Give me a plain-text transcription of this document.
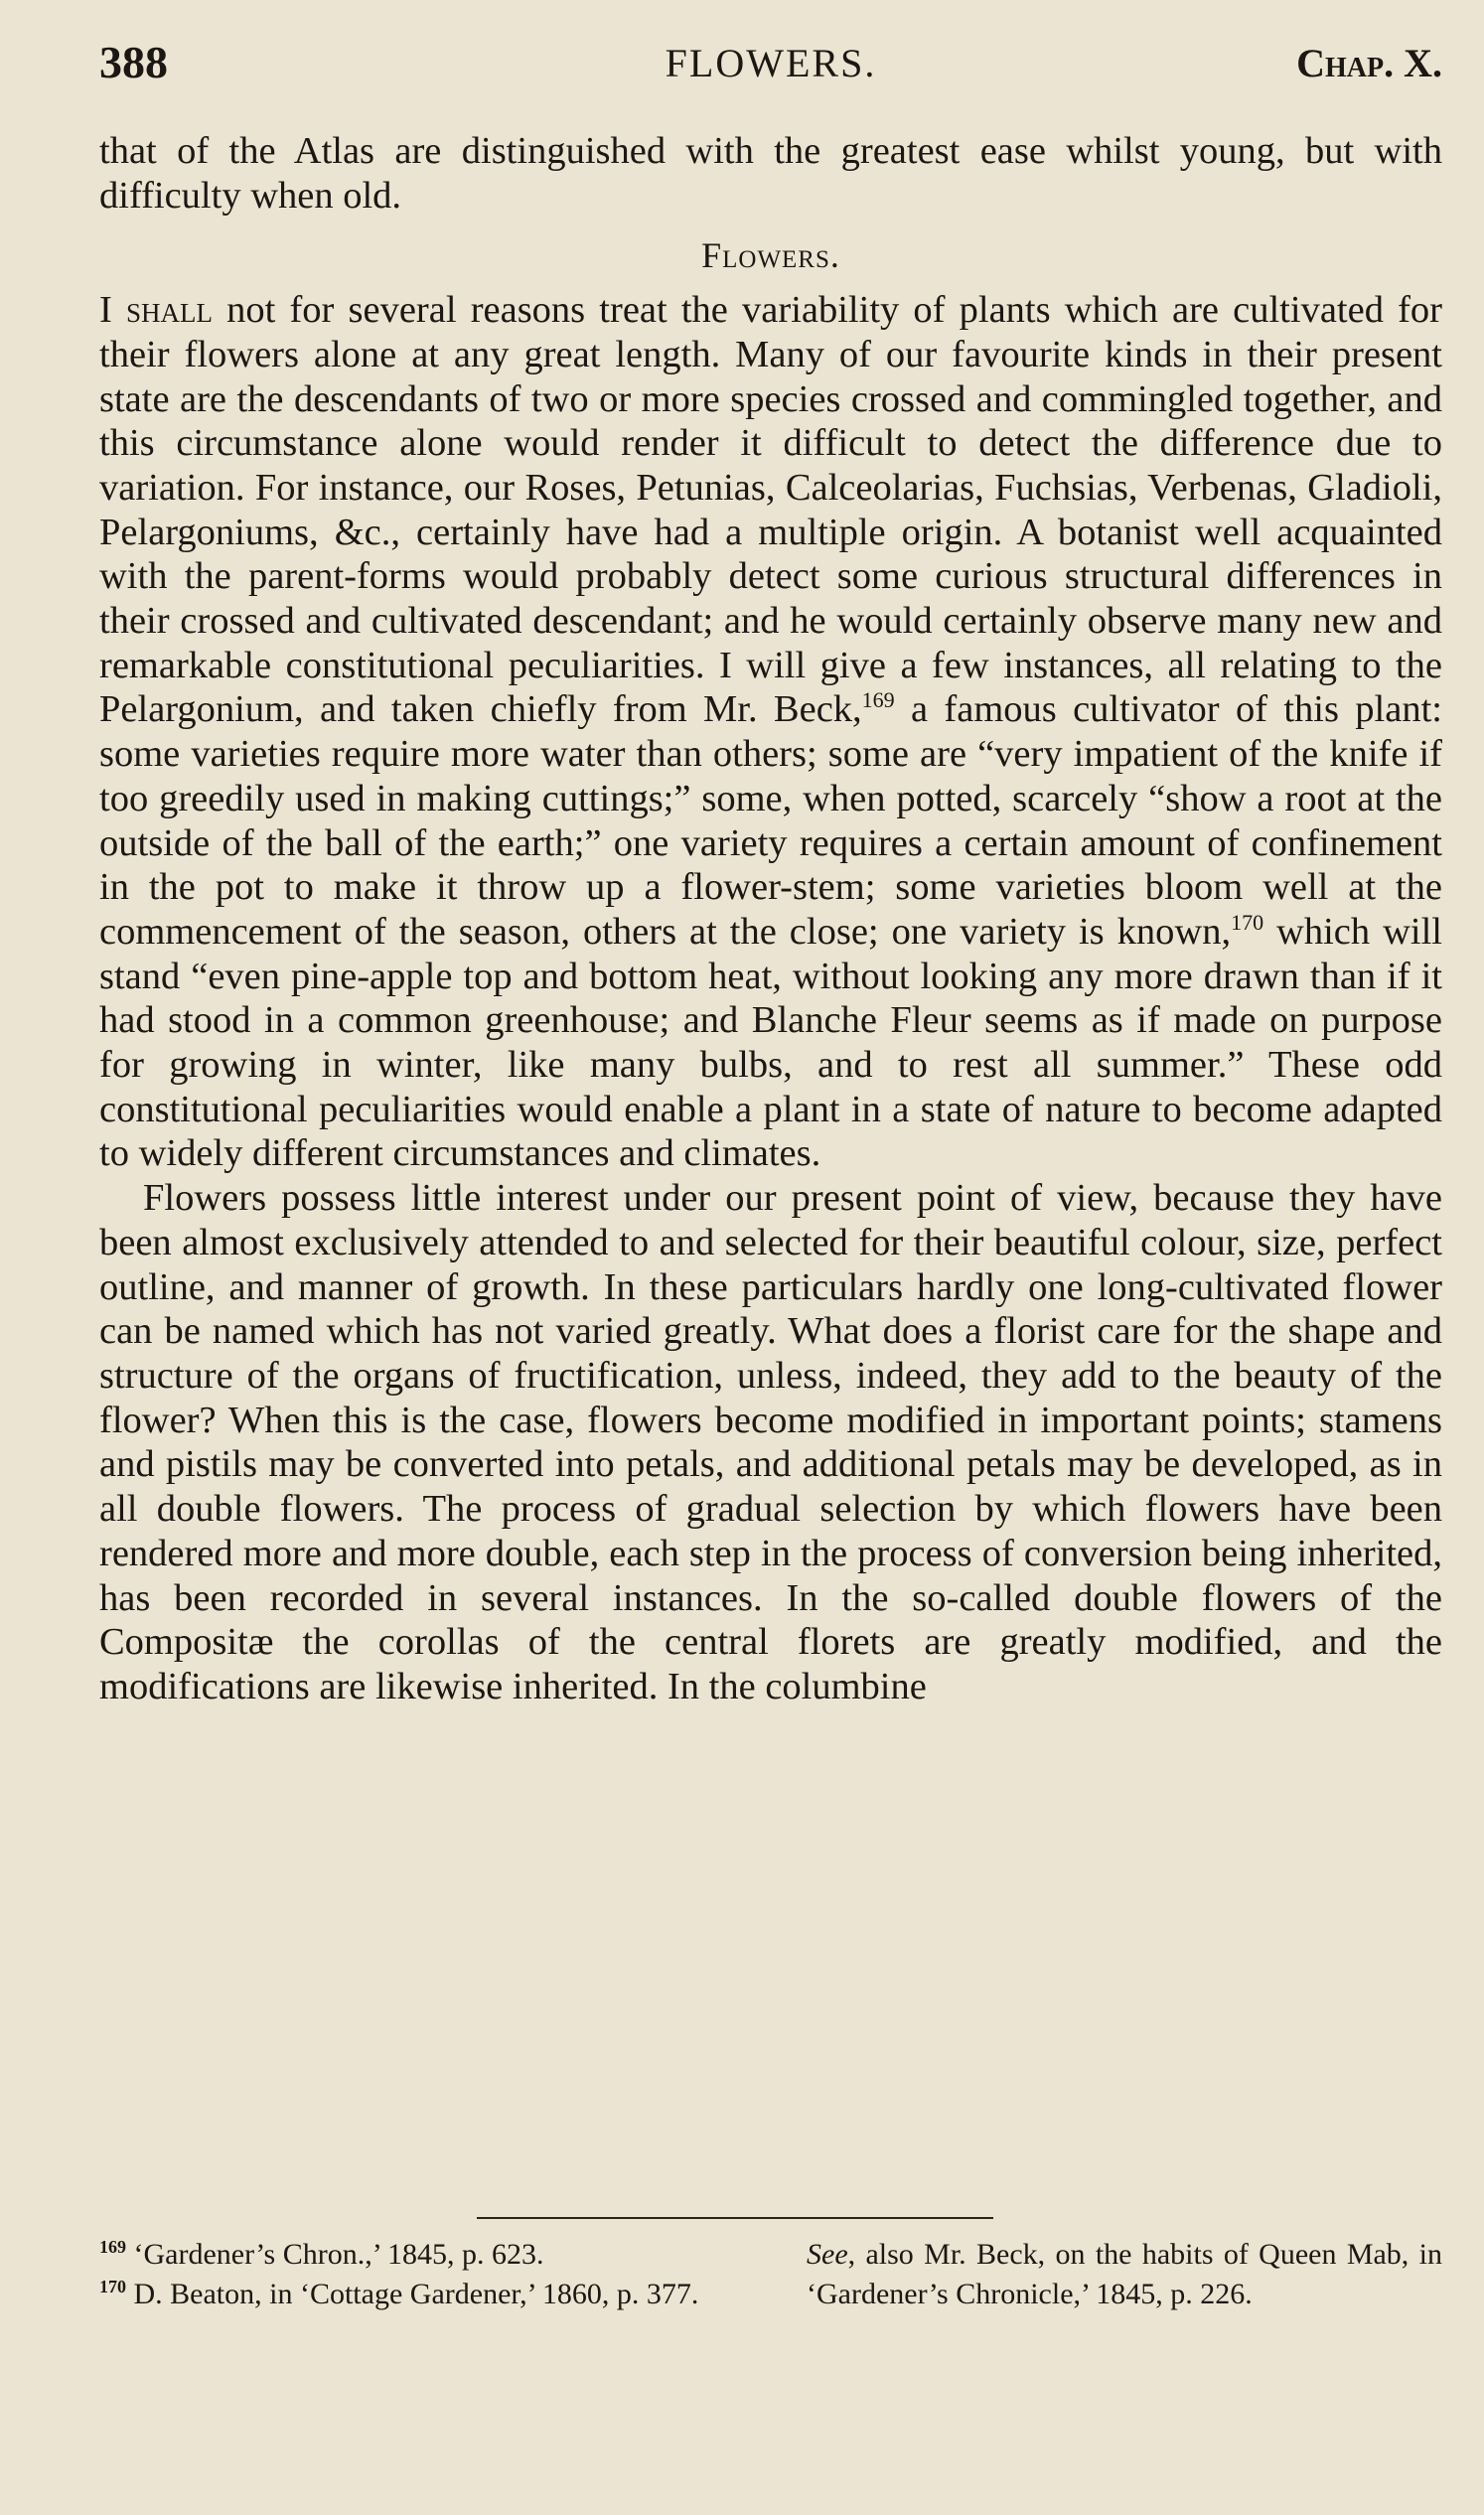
388	FLOWERS.	Chap. X.

that of the Atlas are distinguished with the greatest ease whilst young, but with difficulty when old.

Flowers.

I shall not for several reasons treat the variability of plants which are cultivated for their flowers alone at any great length. Many of our favourite kinds in their present state are the descendants of two or more species crossed and commingled together, and this circumstance alone would render it difficult to detect the difference due to variation. For instance, our Roses, Petunias, Calceolarias, Fuchsias, Verbenas, Gladioli, Pelargoniums, &c., certainly have had a multiple origin. A botanist well acquainted with the parent-forms would probably detect some curious structural differences in their crossed and cultivated descendant; and he would certainly observe many new and remarkable constitutional peculiarities. I will give a few instances, all relating to the Pelargonium, and taken chiefly from Mr. Beck,$^{169}$ a famous cultivator of this plant: some varieties require more water than others; some are “very impatient of the knife if too greedily used in making cuttings;” some, when potted, scarcely “show a root at the outside of the ball of the earth;” one variety requires a certain amount of confinement in the pot to make it throw up a flower-stem; some varieties bloom well at the commencement of the season, others at the close; one variety is known,$^{170}$ which will stand “even pine-apple top and bottom heat, without looking any more drawn than if it had stood in a common greenhouse; and Blanche Fleur seems as if made on purpose for growing in winter, like many bulbs, and to rest all summer.” These odd constitutional peculiarities would enable a plant in a state of nature to become adapted to widely different circumstances and climates.

Flowers possess little interest under our present point of view, because they have been almost exclusively attended to and selected for their beautiful colour, size, perfect outline, and manner of growth. In these particulars hardly one long-cultivated flower can be named which has not varied greatly. What does a florist care for the shape and structure of the organs of fructification, unless, indeed, they add to the beauty of the flower? When this is the case, flowers become modified in important points; stamens and pistils may be converted into petals, and additional petals may be developed, as in all double flowers. The process of gradual selection by which flowers have been rendered more and more double, each step in the process of conversion being inherited, has been recorded in several instances. In the so-called double flowers of the Compositæ the corollas of the central florets are greatly modified, and the modifications are likewise inherited. In the columbine

$^{169}$ ‘Gardener’s Chron.,’ 1845, p. 623.

$^{170}$ D. Beaton, in ‘Cottage Gardener,’ 1860, p. 377.

See, also Mr. Beck, on the habits of Queen Mab, in ‘Gardener’s Chronicle,’ 1845, p. 226.
